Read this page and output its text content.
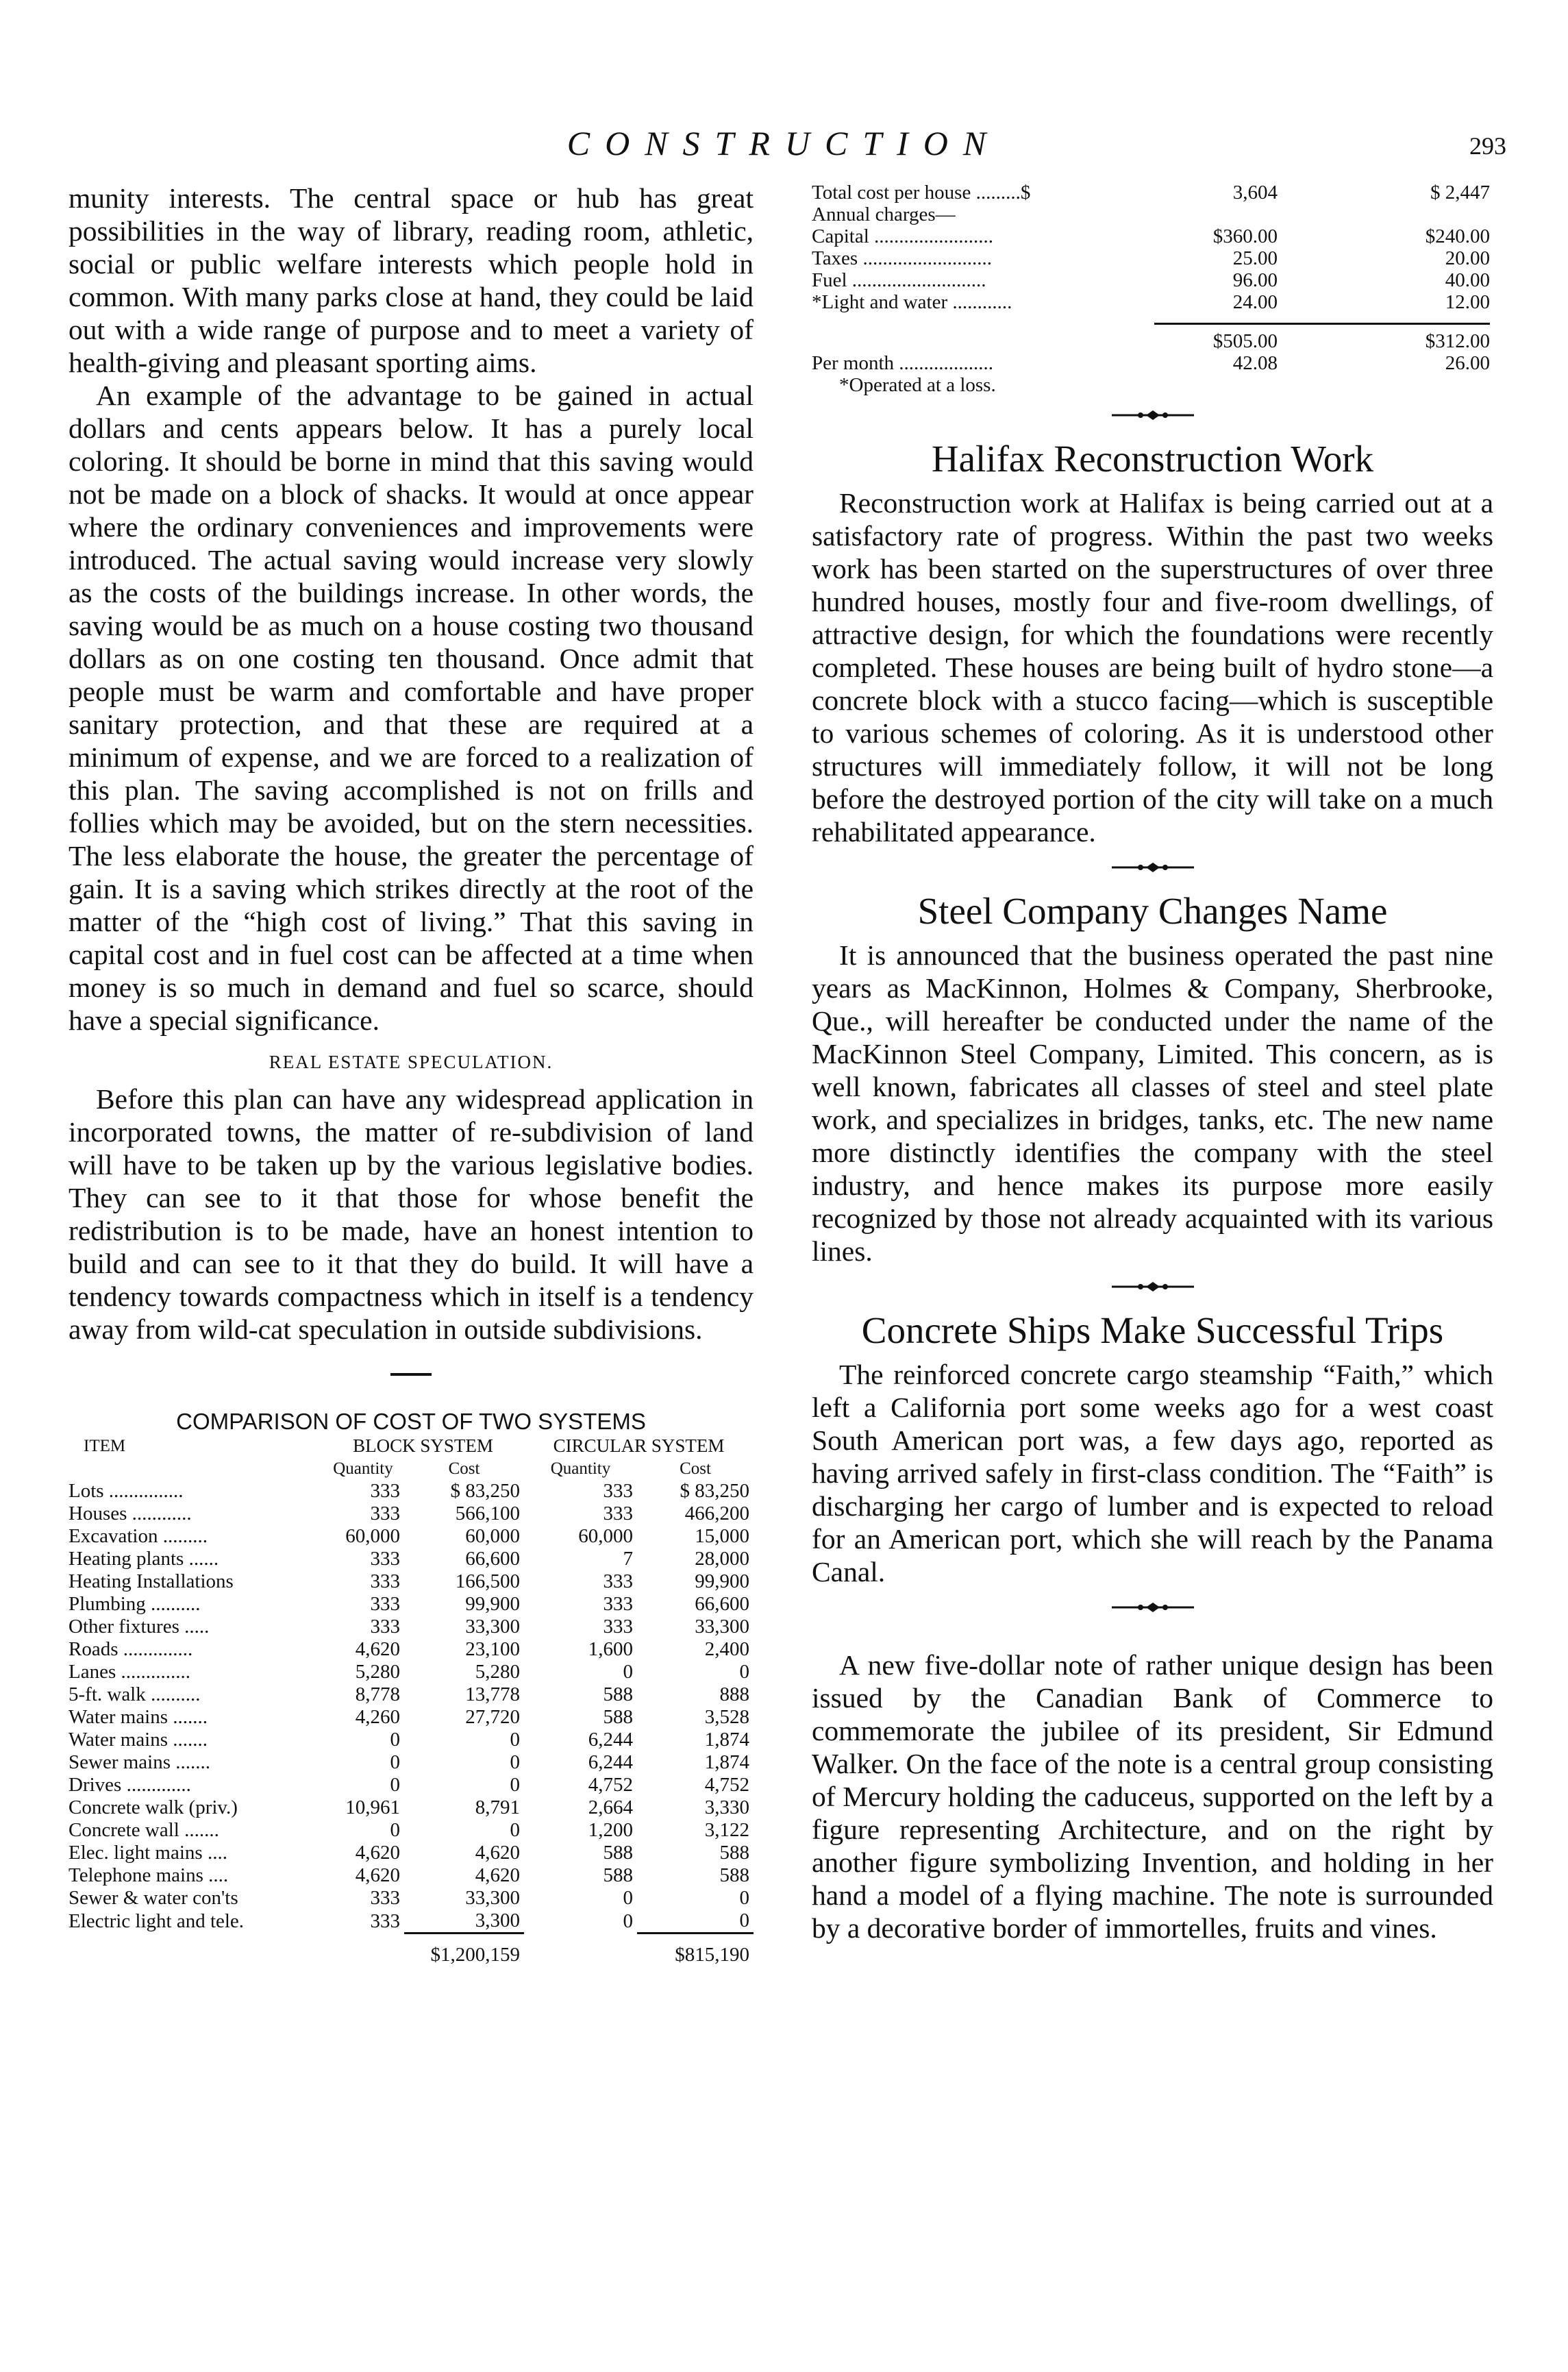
CONSTRUCTION	293

munity interests. The central space or hub has great possibilities in the way of library, reading room, athletic, social or public welfare interests which people hold in common. With many parks close at hand, they could be laid out with a wide range of purpose and to meet a variety of health-giving and pleasant sporting aims.

An example of the advantage to be gained in actual dollars and cents appears below. It has a purely local coloring. It should be borne in mind that this saving would not be made on a block of shacks. It would at once appear where the ordinary conveniences and improvements were introduced. The actual saving would increase very slowly as the costs of the buildings increase. In other words, the saving would be as much on a house costing two thousand dollars as on one costing ten thousand. Once admit that people must be warm and comfortable and have proper sanitary protection, and that these are required at a minimum of expense, and we are forced to a realization of this plan. The saving accomplished is not on frills and follies which may be avoided, but on the stern necessities. The less elaborate the house, the greater the percentage of gain. It is a saving which strikes directly at the root of the matter of the “high cost of living.” That this saving in capital cost and in fuel cost can be affected at a time when money is so much in demand and fuel so scarce, should have a special significance.

REAL ESTATE SPECULATION.

Before this plan can have any widespread application in incorporated towns, the matter of re-subdivision of land will have to be taken up by the various legislative bodies. They can see to it that those for whose benefit the redistribution is to be made, have an honest intention to build and can see to it that they do build. It will have a tendency towards compactness which in itself is a tendency away from wild-cat speculation in outside subdivisions.

COMPARISON OF COST OF TWO SYSTEMS
ITEM	BLOCK SYSTEM		CIRCULAR SYSTEM	
	Quantity	Cost	Quantity	Cost
Lots ...............	333	$ 83,250	333	$ 83,250
Houses ............	333	566,100	333	466,200
Excavation .........	60,000	60,000	60,000	15,000
Heating plants ......	333	66,600	7	28,000
Heating Installations	333	166,500	333	99,900
Plumbing ..........	333	99,900	333	66,600
Other fixtures .....	333	33,300	333	33,300
Roads ..............	4,620	23,100	1,600	2,400
Lanes ..............	5,280	5,280	0	0
5-ft. walk ..........	8,778	13,778	588	888
Water mains .......	4,260	27,720	588	3,528
Water mains .......	0	0	6,244	1,874
Sewer mains .......	0	0	6,244	1,874
Drives .............	0	0	4,752	4,752
Concrete walk (priv.)	10,961	8,791	2,664	3,330
Concrete wall .......	0	0	1,200	3,122
Elec. light mains ....	4,620	4,620	588	588
Telephone mains ....	4,620	4,620	588	588
Sewer & water con'ts	333	33,300	0	0
Electric light and tele.	333	3,300	0	0
		$1,200,159		$815,190
Total cost per house .........$	3,604	$ 2,447
Annual charges—		
Capital ........................	$360.00	$240.00
Taxes ..........................	25.00	20.00
Fuel ...........................	96.00	40.00
*Light and water ............	24.00	12.00

	$505.00	$312.00
Per month ...................	42.08	26.00
*Operated at a loss.		
Halifax Reconstruction Work

Reconstruction work at Halifax is being carried out at a satisfactory rate of progress. Within the past two weeks work has been started on the superstructures of over three hundred houses, mostly four and five-room dwellings, of attractive design, for which the foundations were recently completed. These houses are being built of hydro stone—a concrete block with a stucco facing—which is susceptible to various schemes of coloring. As it is understood other structures will immediately follow, it will not be long before the destroyed portion of the city will take on a much rehabilitated appearance.

Steel Company Changes Name

It is announced that the business operated the past nine years as MacKinnon, Holmes & Company, Sherbrooke, Que., will hereafter be conducted under the name of the MacKinnon Steel Company, Limited. This concern, as is well known, fabricates all classes of steel and steel plate work, and specializes in bridges, tanks, etc. The new name more distinctly identifies the company with the steel industry, and hence makes its purpose more easily recognized by those not already acquainted with its various lines.

Concrete Ships Make Successful Trips

The reinforced concrete cargo steamship “Faith,” which left a California port some weeks ago for a west coast South American port was, a few days ago, reported as having arrived safely in first-class condition. The “Faith” is discharging her cargo of lumber and is expected to reload for an American port, which she will reach by the Panama Canal.

A new five-dollar note of rather unique design has been issued by the Canadian Bank of Commerce to commemorate the jubilee of its president, Sir Edmund Walker. On the face of the note is a central group consisting of Mercury holding the caduceus, supported on the left by a figure representing Architecture, and on the right by another figure symbolizing Invention, and holding in her hand a model of a flying machine. The note is surrounded by a decorative border of immortelles, fruits and vines.
